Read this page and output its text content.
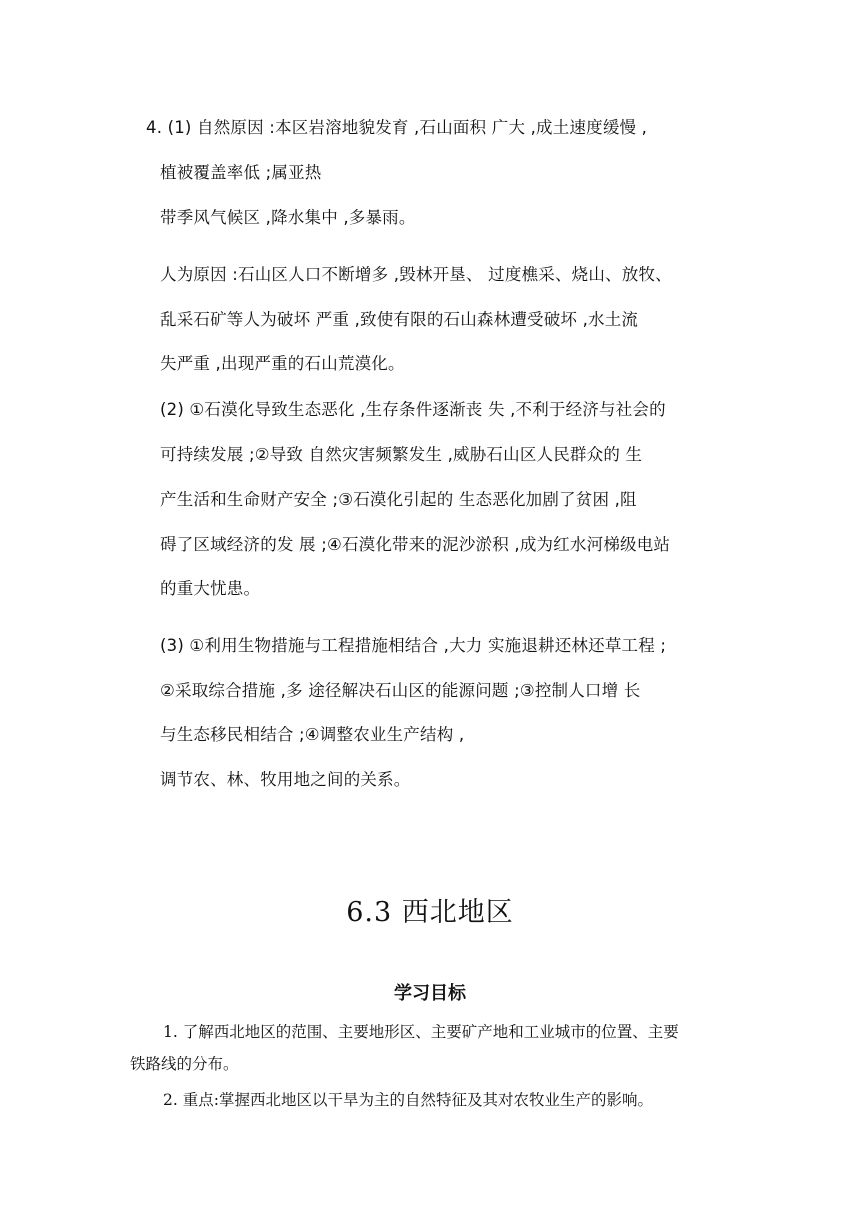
4. (1) 自然原因 :本区岩溶地貌发育 ,石山面积 广大 ,成土速度缓慢 ,
植被覆盖率低 ;属亚热
带季风气候区 ,降水集中 ,多暴雨。
人为原因 :石山区人口不断增多 ,毁林开垦、 过度樵采、烧山、放牧、
乱采石矿等人为破坏 严重 ,致使有限的石山森林遭受破坏 ,水土流
失严重 ,出现严重的石山荒漠化。
(2) ①石漠化导致生态恶化 ,生存条件逐渐丧 失 ,不利于经济与社会的
可持续发展 ;②导致 自然灾害频繁发生 ,威胁石山区人民群众的 生
产生活和生命财产安全 ;③石漠化引起的 生态恶化加剧了贫困 ,阻
碍了区域经济的发 展 ;④石漠化带来的泥沙淤积 ,成为红水河梯级电站
的重大忧患。
(3) ①利用生物措施与工程措施相结合 ,大力 实施退耕还林还草工程 ;
②采取综合措施 ,多 途径解决石山区的能源问题 ;③控制人口增 长
与生态移民相结合 ;④调整农业生产结构 ,
调节农、林、牧用地之间的关系。
6.3 西北地区
学习目标
1. 了解西北地区的范围、主要地形区、主要矿产地和工业城市的位置、主要
铁路线的分布。
2. 重点:掌握西北地区以干旱为主的自然特征及其对农牧业生产的影响。
